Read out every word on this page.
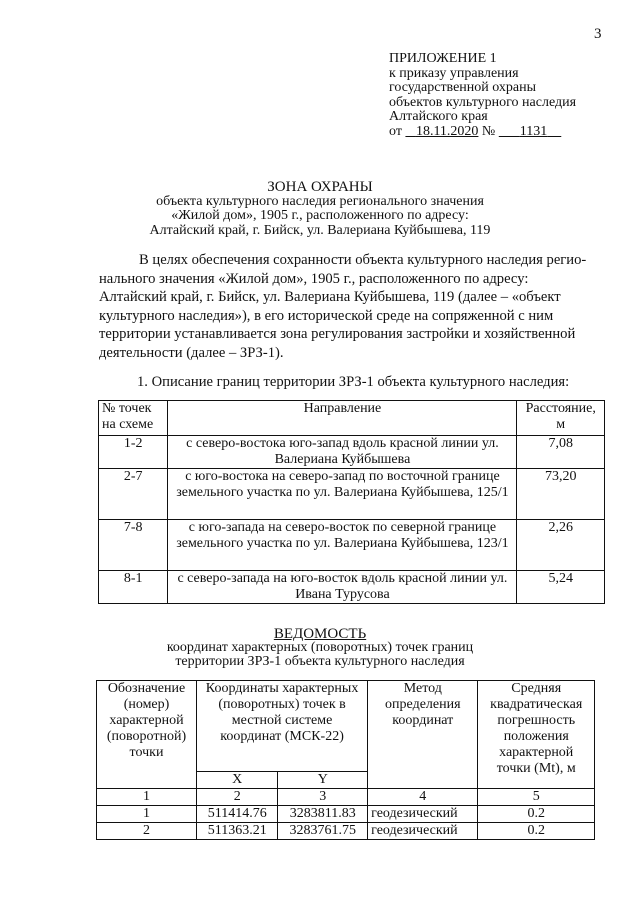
3
ПРИЛОЖЕНИЕ 1
к приказу управления
государственной охраны
объектов культурного наследия
Алтайского края
от 18.11.2020 № 1131
ЗОНА ОХРАНЫ
объекта культурного наследия регионального значения
«Жилой дом», 1905 г., расположенного по адресу:
Алтайский край, г. Бийск, ул. Валериана Куйбышева, 119
В целях обеспечения сохранности объекта культурного наследия регио-
нального значения «Жилой дом», 1905 г., расположенного по адресу:
Алтайский край, г. Бийск, ул. Валериана Куйбышева, 119 (далее – «объект
культурного наследия»), в его исторической среде на сопряженной с ним
территории устанавливается зона регулирования застройки и хозяйственной
деятельности (далее – ЗРЗ-1).
1. Описание границ территории ЗРЗ-1 объекта культурного наследия:
№ точек на схеме	Направление	Расстояние, м
1-2	с северо-востока юго-запад вдоль красной линии ул. Валериана Куйбышева	7,08
2-7	с юго-востока на северо-запад по восточной границе земельного участка по ул. Валериана Куйбышева, 125/1	73,20
7-8	с юго-запада на северо-восток по северной границе земельного участка по ул. Валериана Куйбышева, 123/1	2,26
8-1	с северо-запада на юго-восток вдоль красной линии ул. Ивана Турусова	5,24
ВЕДОМОСТЬ
координат характерных (поворотных) точек границ
территории ЗРЗ-1 объекта культурного наследия
Обозначение (номер) характерной (поворотной) точки	Координаты характерных (поворотных) точек в местной системе координат (МСК-22)		Метод определения координат	Средняя квадратическая погрешность положения характерной точки (Mt), м
	X	Y		
1	2	3	4	5
1	511414.76	3283811.83	геодезический	0.2
2	511363.21	3283761.75	геодезический	0.2
